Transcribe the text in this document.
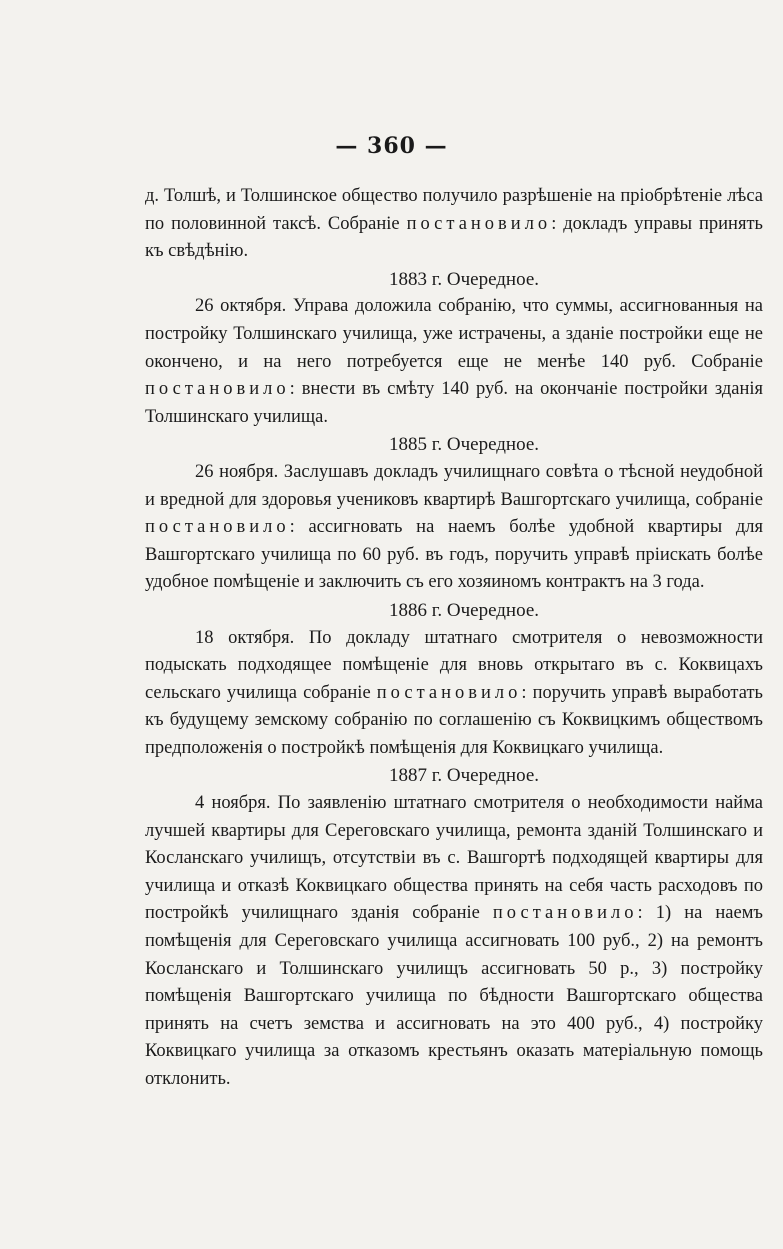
— 360 —

д. Толшѣ, и Толшинское общество получило разрѣшеніе на пріобрѣтеніе лѣса по половинной таксѣ. Собраніе постановило: докладъ управы принять къ свѣдѣнію.

1883 г. Очередное.

26 октября. Управа доложила собранію, что суммы, ассигнованныя на постройку Толшинскаго училища, уже истрачены, а зданіе постройки еще не окончено, и на него потребуется еще не менѣе 140 руб. Собраніе постановило: внести въ смѣту 140 руб. на окончаніе постройки зданія Толшинскаго училища.

1885 г. Очередное.

26 ноября. Заслушавъ докладъ училищнаго совѣта о тѣсной неудобной и вредной для здоровья учениковъ квартирѣ Вашгортскаго училища, собраніе постановило: ассигновать на наемъ болѣе удобной квартиры для Вашгортскаго училища по 60 руб. въ годъ, поручить управѣ пріискать болѣе удобное помѣщеніе и заключить съ его хозяиномъ контрактъ на 3 года.

1886 г. Очередное.

18 октября. По докладу штатнаго смотрителя о невозможности подыскать подходящее помѣщеніе для вновь открытаго въ с. Коквицахъ сельскаго училища собраніе постановило: поручить управѣ выработать къ будущему земскому собранію по соглашенію съ Коквицкимъ обществомъ предположенія о постройкѣ помѣщенія для Коквицкаго училища.

1887 г. Очередное.

4 ноября. По заявленію штатнаго смотрителя о необходимости найма лучшей квартиры для Сереговскаго училища, ремонта зданій Толшинскаго и Косланскаго училищъ, отсутствіи въ с. Вашгортѣ подходящей квартиры для училища и отказѣ Коквицкаго общества принять на себя часть расходовъ по постройкѣ училищнаго зданія собраніе постановило: 1) на наемъ помѣщенія для Сереговскаго училища ассигновать 100 руб., 2) на ремонтъ Косланскаго и Толшинскаго училищъ ассигновать 50 р., 3) постройку помѣщенія Вашгортскаго училища по бѣдности Вашгортскаго общества принять на счетъ земства и ассигновать на это 400 руб., 4) постройку Коквицкаго училища за отказомъ крестьянъ оказать матеріальную помощь отклонить.
